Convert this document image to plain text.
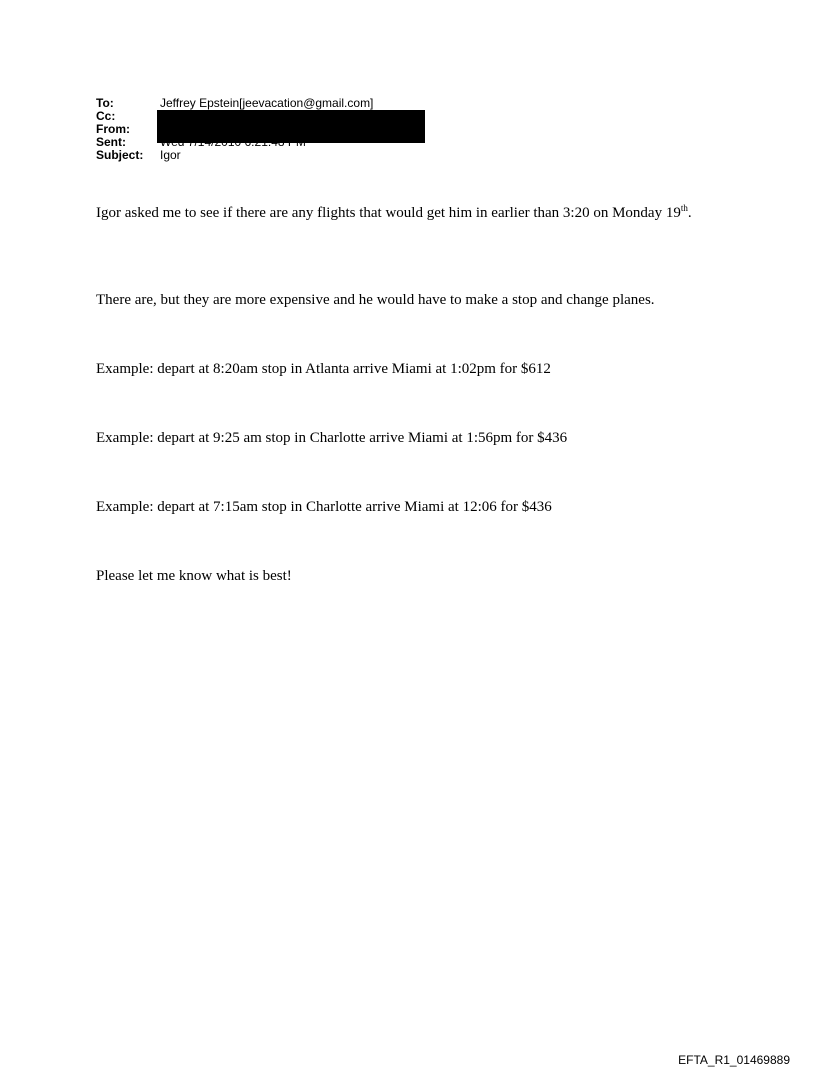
To:	Jeffrey Epstein[jeevacation@gmail.com]
Cc:
From:
Sent:
Subject: Igor
Igor asked me to see if there are any flights that would get him in earlier than 3:20 on Monday 19th.
There are, but they are more expensive and he would have to make a stop and change planes.
Example: depart at 8:20am stop in Atlanta arrive Miami at 1:02pm for $612
Example: depart at 9:25 am stop in Charlotte arrive Miami at 1:56pm for $436
Example: depart at 7:15am stop in Charlotte arrive Miami at 12:06 for $436
Please let me know what is best!
EFTA_R1_01469889
